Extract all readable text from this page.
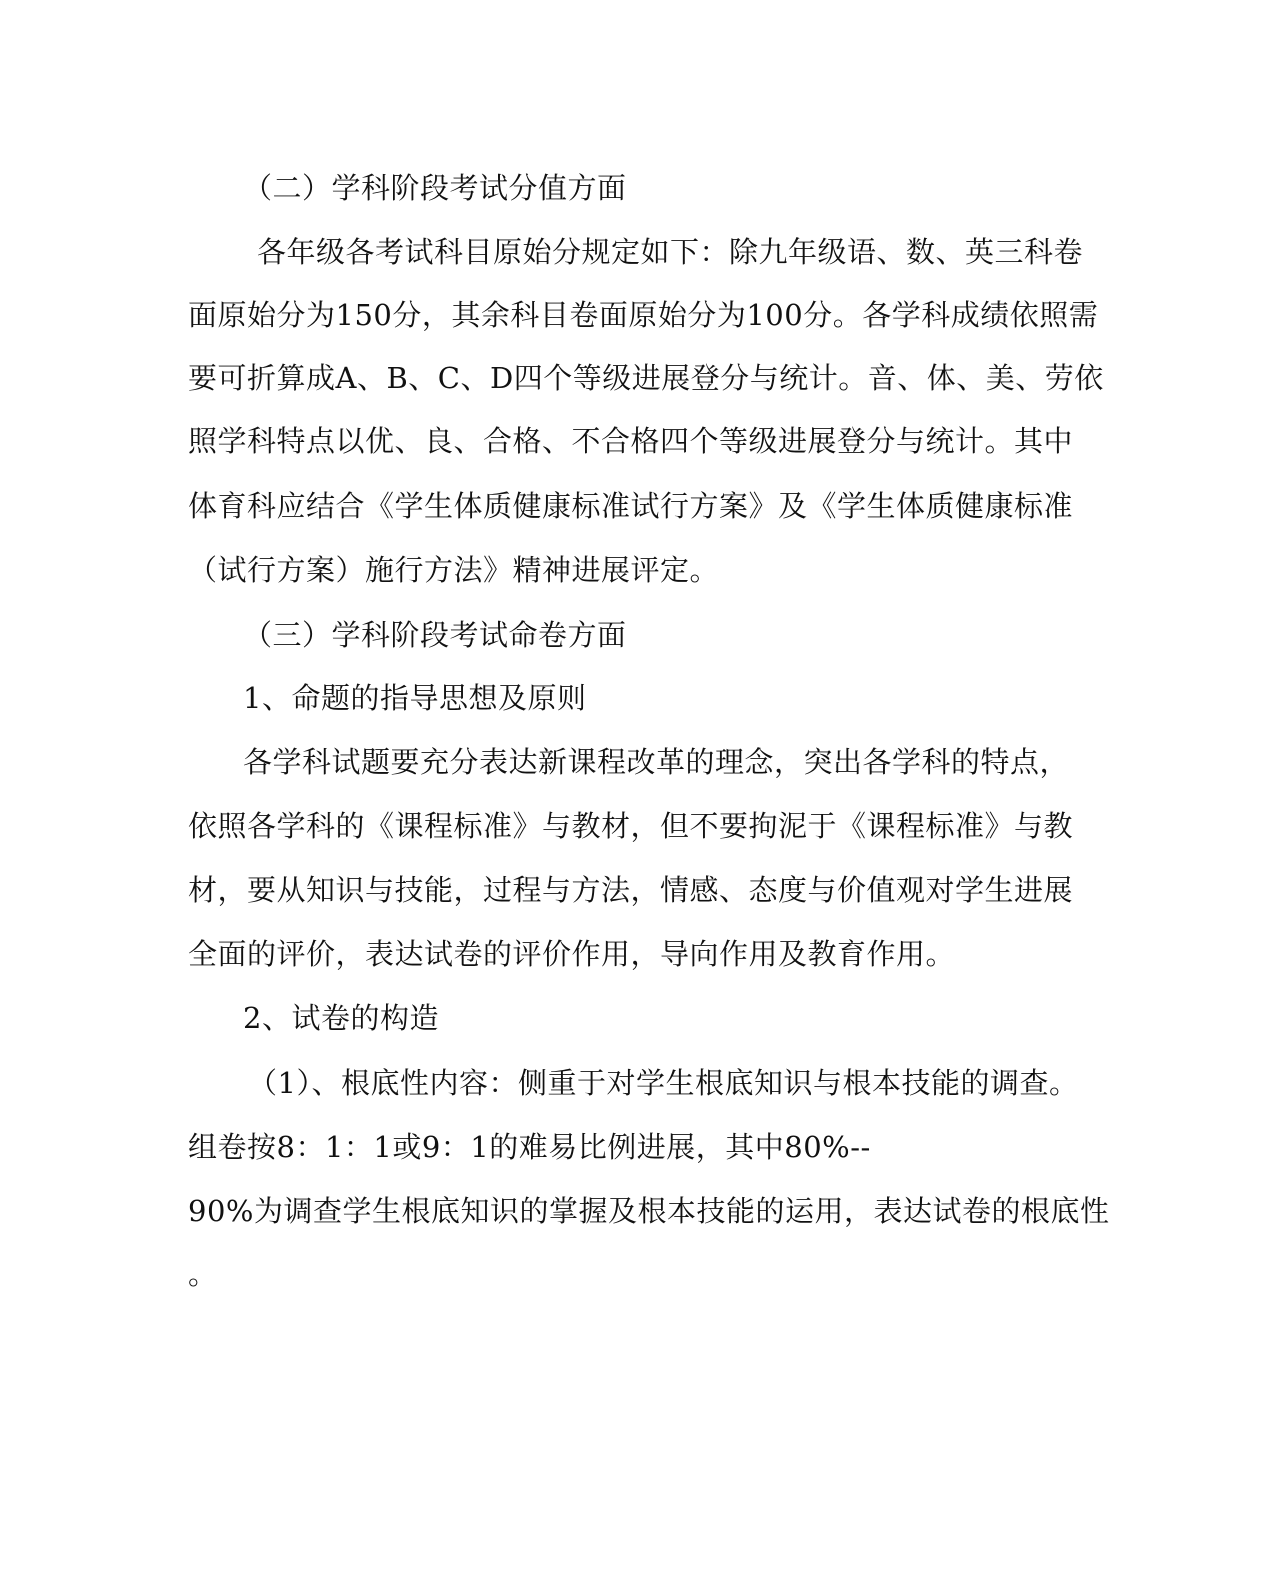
（二）学科阶段考试分值方面
各年级各考试科目原始分规定如下：除九年级语、数、英三科卷
面原始分为150分，其余科目卷面原始分为100分。各学科成绩依照需
要可折算成A、B、C、D四个等级进展登分与统计。音、体、美、劳依
照学科特点以优、良、合格、不合格四个等级进展登分与统计。其中
体育科应结合《学生体质健康标准试行方案》及《学生体质健康标准
（试行方案）施行方法》精神进展评定。
（三）学科阶段考试命卷方面
1、命题的指导思想及原则
各学科试题要充分表达新课程改革的理念，突出各学科的特点，
依照各学科的《课程标准》与教材，但不要拘泥于《课程标准》与教
材，要从知识与技能，过程与方法，情感、态度与价值观对学生进展
全面的评价，表达试卷的评价作用，导向作用及教育作用。
2、试卷的构造
（1）、根底性内容：侧重于对学生根底知识与根本技能的调查。
组卷按8：1：1或9：1的难易比例进展，其中80%--
90%为调查学生根底知识的掌握及根本技能的运用，表达试卷的根底性
。
